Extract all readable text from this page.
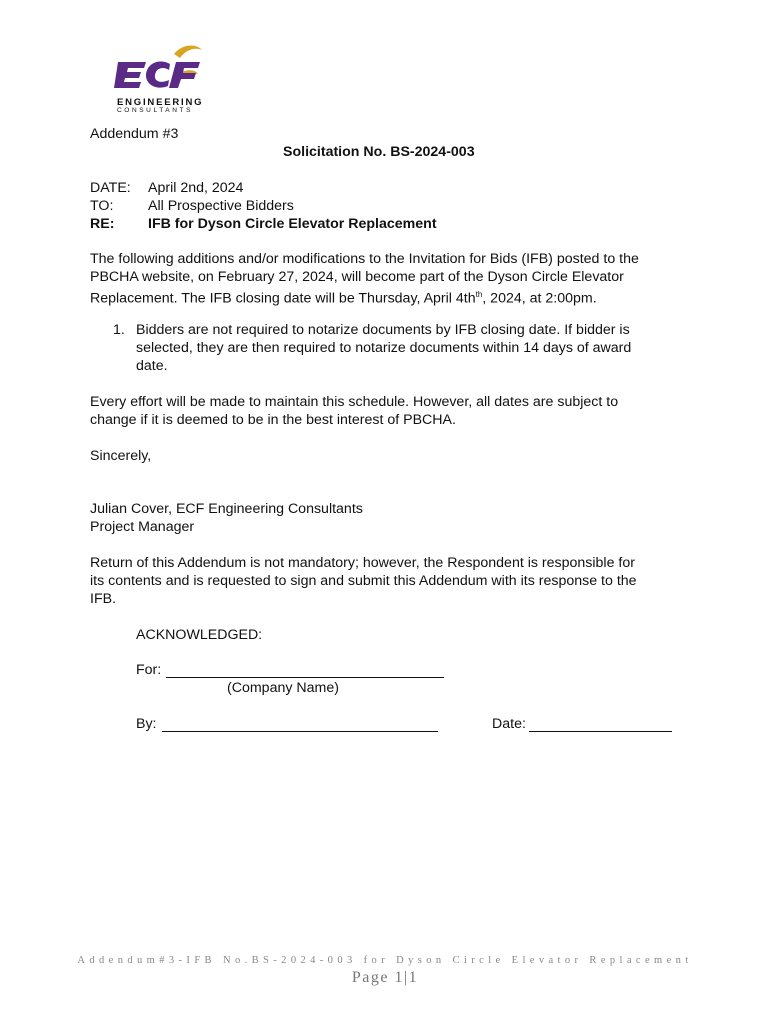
ENGINEERING
CONSULTANTS
Addendum #3
Solicitation No. BS-2024-003
DATE: April 2nd, 2024
TO: All Prospective Bidders
RE: IFB for Dyson Circle Elevator Replacement
The following additions and/or modifications to the Invitation for Bids (IFB) posted to the
PBCHA website, on February 27, 2024, will become part of the Dyson Circle Elevator
Replacement. The IFB closing date will be Thursday, April $4th^{th}$, 2024, at 2:00pm.
1. Bidders are not required to notarize documents by IFB closing date. If bidder is
selected, they are then required to notarize documents within 14 days of award
date.
Every effort will be made to maintain this schedule. However, all dates are subject to
change if it is deemed to be in the best interest of PBCHA.
Sincerely,
Julian Cover, ECF Engineering Consultants
Project Manager
Return of this Addendum is not mandatory; however, the Respondent is responsible for
its contents and is requested to sign and submit this Addendum with its response to the
IFB.
ACKNOWLEDGED:
For:
(Company Name)
By:	Date:
Addendum#3-IFB No.BS-2024-003 for Dyson Circle Elevator Replacement
Page 1|1
